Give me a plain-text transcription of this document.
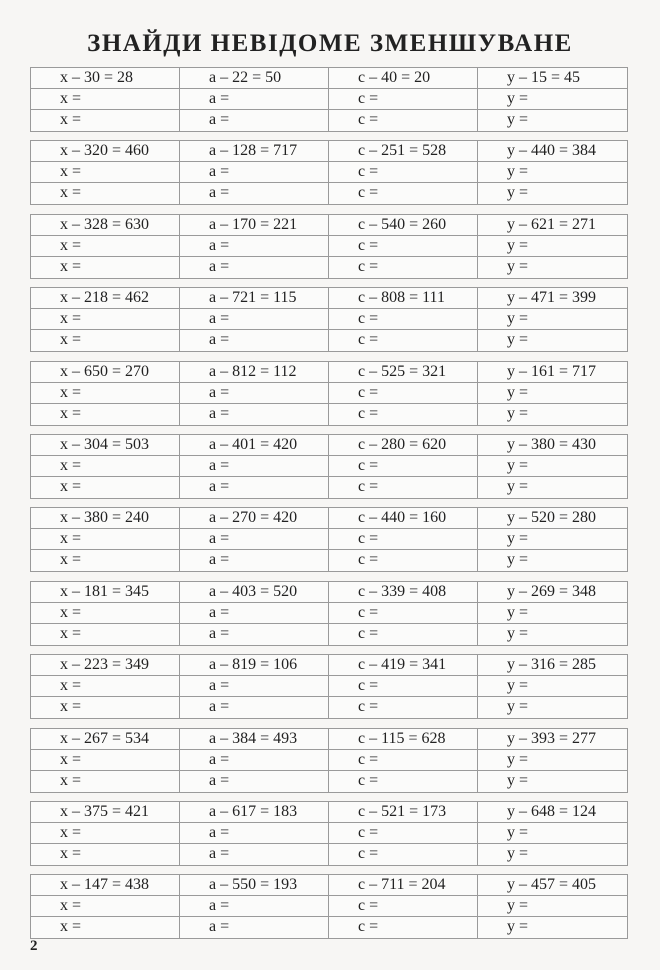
ЗНАЙДИ НЕВІДОМЕ ЗМЕНШУВАНЕ
x – 30 = 28	a – 22 = 50	c – 40 = 20	y – 15 = 45
x =	a =	c =	y =
x =	a =	c =	y =
x – 320 = 460	a – 128 = 717	c – 251 = 528	y – 440 = 384
x =	a =	c =	y =
x =	a =	c =	y =
x – 328 = 630	a – 170 = 221	c – 540 = 260	y – 621 = 271
x =	a =	c =	y =
x =	a =	c =	y =
x – 218 = 462	a – 721 = 115	c – 808 = 111	y – 471 = 399
x =	a =	c =	y =
x =	a =	c =	y =
x – 650 = 270	a – 812 = 112	c – 525 = 321	y – 161 = 717
x =	a =	c =	y =
x =	a =	c =	y =
x – 304 = 503	a – 401 = 420	c – 280 = 620	y – 380 = 430
x =	a =	c =	y =
x =	a =	c =	y =
x – 380 = 240	a – 270 = 420	c – 440 = 160	y – 520 = 280
x =	a =	c =	y =
x =	a =	c =	y =
x – 181 = 345	a – 403 = 520	c – 339 = 408	y – 269 = 348
x =	a =	c =	y =
x =	a =	c =	y =
x – 223 = 349	a – 819 = 106	c – 419 = 341	y – 316 = 285
x =	a =	c =	y =
x =	a =	c =	y =
x – 267 = 534	a – 384 = 493	c – 115 = 628	y – 393 = 277
x =	a =	c =	y =
x =	a =	c =	y =
x – 375 = 421	a – 617 = 183	c – 521 = 173	y – 648 = 124
x =	a =	c =	y =
x =	a =	c =	y =
x – 147 = 438	a – 550 = 193	c – 711 = 204	y – 457 = 405
x =	a =	c =	y =
x =	a =	c =	y =
2
